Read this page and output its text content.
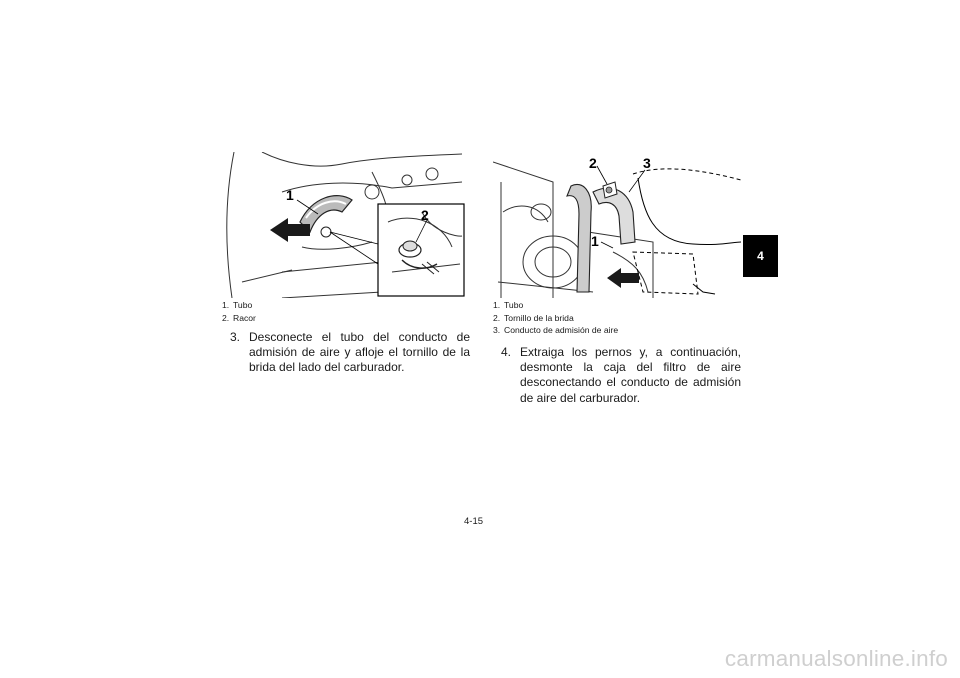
1
2
1. Tubo
2. Racor
3. Desconecte el tubo del conducto de admisión de aire y afloje el tornillo de la brida del lado del carburador.
2	3
1
1. Tubo
2. Tornillo de la brida
3. Conducto de admisión de aire
4. Extraiga los pernos y, a continuación, desmonte la caja del filtro de aire desconectando el conducto de admisión de aire del carburador.
4
4-15
carmanualsonline.info
